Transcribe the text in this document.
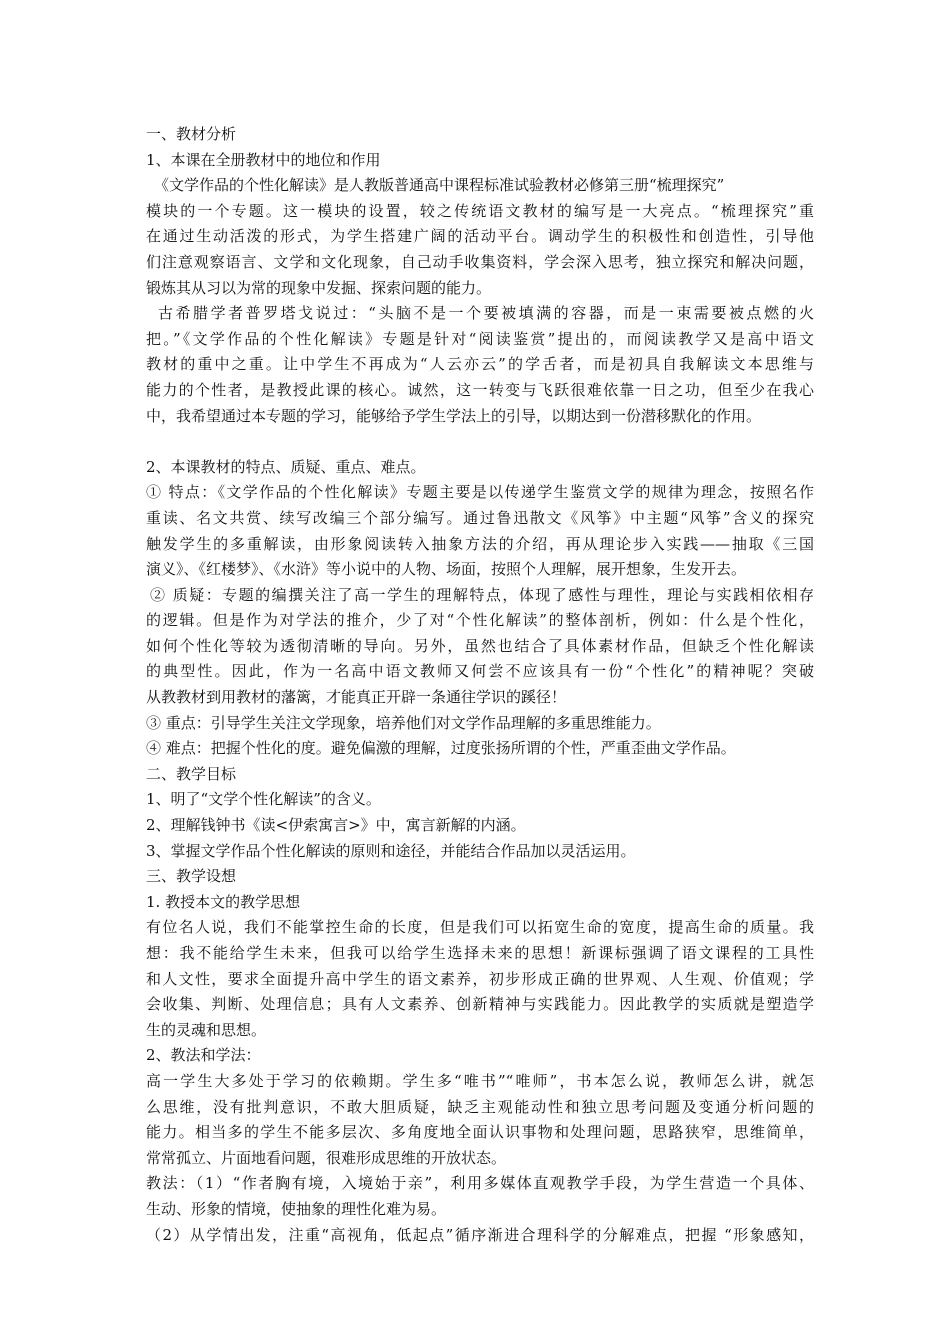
一、教材分析
1、本课在全册教材中的地位和作用
《文学作品的个性化解读》是人教版普通高中课程标准试验教材必修第三册“梳理探究”
模块的一个专题。这一模块的设置，较之传统语文教材的编写是一大亮点。“梳理探究”重
在通过生动活泼的形式，为学生搭建广阔的活动平台。调动学生的积极性和创造性，引导他
们注意观察语言、文学和文化现象，自己动手收集资料，学会深入思考，独立探究和解决问题，
锻炼其从习以为常的现象中发掘、探索问题的能力。
古希腊学者普罗塔戈说过：“头脑不是一个要被填满的容器，而是一束需要被点燃的火
把。”《文学作品的个性化解读》专题是针对“阅读鉴赏”提出的，而阅读教学又是高中语文
教材的重中之重。让中学生不再成为“人云亦云”的学舌者，而是初具自我解读文本思维与
能力的个性者，是教授此课的核心。诚然，这一转变与飞跃很难依靠一日之功，但至少在我心
中，我希望通过本专题的学习，能够给予学生学法上的引导，以期达到一份潜移默化的作用。
2、本课教材的特点、质疑、重点、难点。
① 特点：《文学作品的个性化解读》专题主要是以传递学生鉴赏文学的规律为理念，按照名作
重读、名文共赏、续写改编三个部分编写。通过鲁迅散文《风筝》中主题“风筝”含义的探究
触发学生的多重解读，由形象阅读转入抽象方法的介绍，再从理论步入实践——抽取《三国
演义》、《红楼梦》、《水浒》等小说中的人物、场面，按照个人理解，展开想象，生发开去。
② 质疑：专题的编撰关注了高一学生的理解特点，体现了感性与理性，理论与实践相依相存
的逻辑。但是作为对学法的推介，少了对“个性化解读”的整体剖析，例如：什么是个性化，
如何个性化等较为透彻清晰的导向。另外，虽然也结合了具体素材作品，但缺乏个性化解读
的典型性。因此，作为一名高中语文教师又何尝不应该具有一份“个性化”的精神呢？突破
从教教材到用教材的藩篱，才能真正开辟一条通往学识的蹊径！
③ 重点：引导学生关注文学现象，培养他们对文学作品理解的多重思维能力。
④ 难点：把握个性化的度。避免偏激的理解，过度张扬所谓的个性，严重歪曲文学作品。
二、教学目标
1、明了“文学个性化解读”的含义。
2、理解钱钟书《读<伊索寓言>》中，寓言新解的内涵。
3、掌握文学作品个性化解读的原则和途径，并能结合作品加以灵活运用。
三、教学设想
1. 教授本文的教学思想
有位名人说，我们不能掌控生命的长度，但是我们可以拓宽生命的宽度，提高生命的质量。我
想：我不能给学生未来，但我可以给学生选择未来的思想！新课标强调了语文课程的工具性
和人文性，要求全面提升高中学生的语文素养，初步形成正确的世界观、人生观、价值观；学
会收集、判断、处理信息；具有人文素养、创新精神与实践能力。因此教学的实质就是塑造学
生的灵魂和思想。
2、教法和学法：
高一学生大多处于学习的依赖期。学生多“唯书”“唯师”，书本怎么说，教师怎么讲，就怎
么思维，没有批判意识，不敢大胆质疑，缺乏主观能动性和独立思考问题及变通分析问题的
能力。相当多的学生不能多层次、多角度地全面认识事物和处理问题，思路狭窄，思维简单，
常常孤立、片面地看问题，很难形成思维的开放状态。
教法：（1）“作者胸有境，入境始于亲”，利用多媒体直观教学手段，为学生营造一个具体、
生动、形象的情境，使抽象的理性化难为易。
（2）从学情出发，注重“高视角，低起点”循序渐进合理科学的分解难点，把握 “形象感知，
